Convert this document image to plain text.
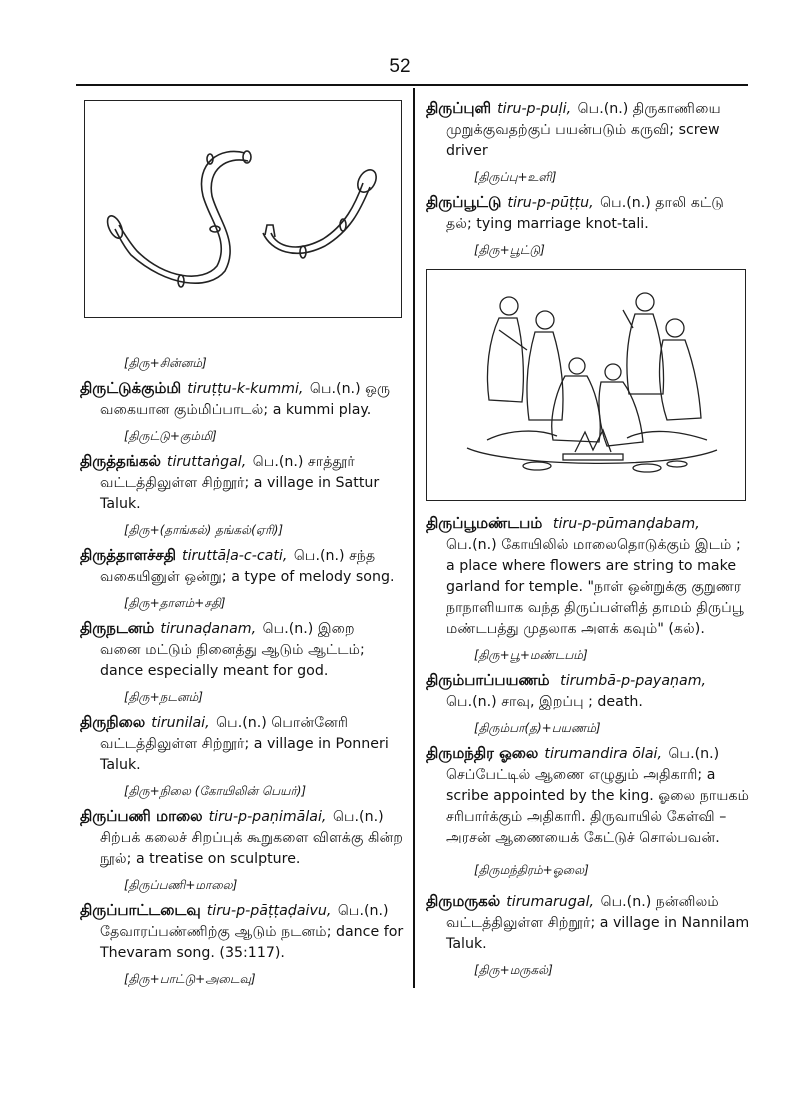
52
[திரு+சின்னம்]

திருட்டுக்கும்மி tiruṭṭu-k-kummi, பெ.(n.) ஒரு
வகையான கும்மிப்பாடல்; a kummi play.

[திருட்டு+கும்மி]

திருத்தங்கல் tiruttaṅgal, பெ.(n.) சாத்தூர்
வட்டத்திலுள்ள சிற்றூர்; a village in Sattur Taluk.

[திரு+(தாங்கல்) தங்கல்(ஏரி)]

திருத்தாளச்சதி tiruttāḷa-c-cati, பெ.(n.) சந்த
வகையினுள் ஒன்று; a type of melody song.

[திரு+தாளம்+சதி]

திருநடனம் tirunaḍanam, பெ.(n.) இறை
வனை மட்டும் நினைத்து ஆடும் ஆட்டம்; dance especially meant for god.

[திரு+நடனம்]

திருநிலை tirunilai, பெ.(n.) பொன்னேரி
வட்டத்திலுள்ள சிற்றூர்; a village in Ponneri Taluk.

[திரு+நிலை (கோயிலின் பெயர்)]

திருப்பணி மாலை tiru-p-paṇimālai, பெ.(n.)
சிற்பக் கலைச் சிறப்புக் கூறுகளை விளக்கு கின்ற நூல்; a treatise on sculpture.

[திருப்பணி+மாலை]

திருப்பாட்டடைவு tiru-p-pāṭṭaḍaivu, பெ.(n.)
தேவாரப்பண்ணிற்கு ஆடும் நடனம்; dance for Thevaram song. (35:117).

[திரு+பாட்டு+அடைவு]

திருப்புளி tiru-p-puḷi, பெ.(n.) திருகாணியை
முறுக்குவதற்குப் பயன்படும் கருவி; screw driver

[திருப்பு+உளி]

திருப்பூட்டு tiru-p-pūṭṭu, பெ.(n.) தாலி கட்டு
தல்; tying marriage knot-tali.

[திரு+பூட்டு]

திருப்பூமண்டபம் tiru-p-pūmanḍabam,
பெ.(n.) கோயிலில் மாலைதொடுக்கும் இடம் ; a place where flowers are string to make garland for temple. "நாள் ஒன்றுக்கு குறுணர நாநாளியாக வந்த திருப்பள்ளித் தாமம் திருப்பூ மண்டபத்து முதலாக அளக் கவும்" (கல்).

[திரு+பூ+மண்டபம்]

திரும்பாப்பயணம் tirumbā-p-payaṇam,
பெ.(n.) சாவு, இறப்பு ; death.

[திரும்பா(த)+பயணம்]

திருமந்திர ஓலை tirumandira ōlai, பெ.(n.)
செப்பேட்டில் ஆணை எழுதும் அதிகாரி; a scribe appointed by the king. ஓலை நாயகம் சரிபார்க்கும் அதிகாரி. திருவாயில் கேள்வி – அரசன் ஆணையைக் கேட்டுச் சொல்பவன்.

[திருமந்திரம்+ஓலை]

திருமருகல் tirumarugal, பெ.(n.) நன்னிலம்
வட்டத்திலுள்ள சிற்றூர்; a village in Nannilam Taluk.

[திரு+மருகல்]
